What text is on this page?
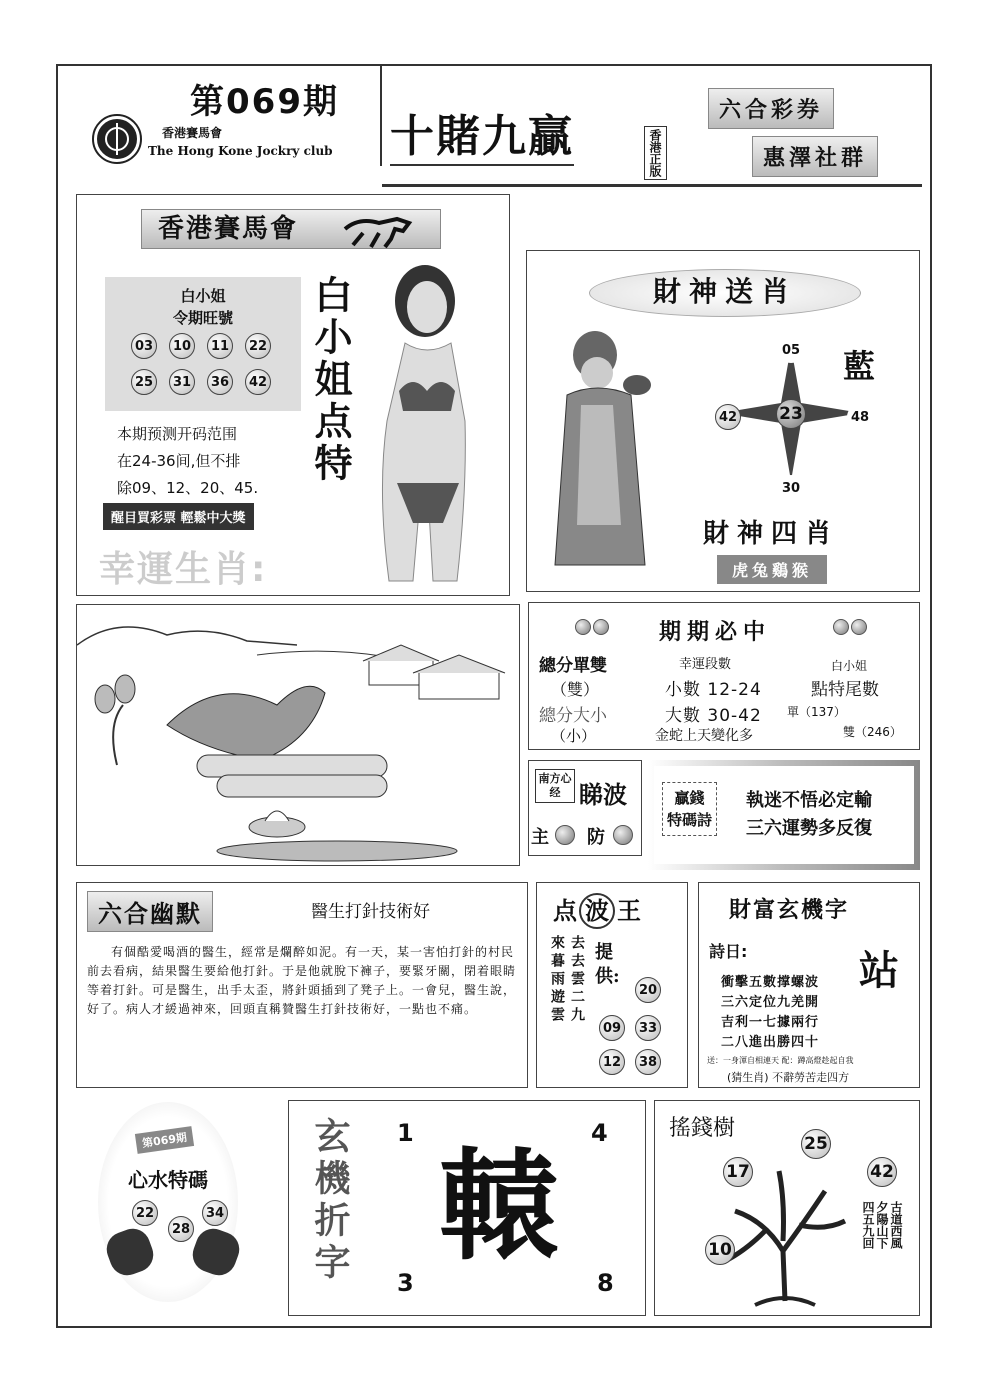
第069期
香港賽馬會
The Hong Kone Jockry club 十賭九贏	香港正版
六合彩券
惠澤社群
香港賽馬會
白小姐
令期旺號
03	10	11	22
25	31	36	42 白小姐点特
本期预测开码范围
在24-36间,但不排
除09、12、20、45.
醒目買彩票 輕鬆中大獎
幸運生肖:
財神送肖
05
23
42	48
30
藍
財神四肖
虎兔鷄猴
期期必中
總分單雙	幸運段數	白小姐
（雙）	小數 12-24	點特尾數
總分大小	大數 30-42 單（137）
（小）	金蛇上天變化多	雙（246）
南方心经 睇波
主 防
贏錢
特碼詩
執迷不悟必定輸
三六運勢多反復
六合幽默	醫生打針技術好
有個酷愛喝酒的醫生，經常是爛醉如泥。有一天，某一害怕打針的村民前去看病，結果醫生要給他打針。于是他就脫下褲子，要緊牙關，閉着眼睛等着打針。可是醫生，出手太歪，將針頭插到了凳子上。一會兒，醫生說，好了。病人才緩過神來，回頭直稱贊醫生打針技術好，一點也不痛。
点 波 王
來暮雨遊雲 去去雲二九 提供:
20
09	33
12	38
財富玄機字
詩日:	站
衝擊五數撑螺波
三六定位九羌開
吉利一七據兩行
二八進出勝四十
送：一身渾自相連天 配：蹲高燈趁起自我
(猜生肖) 不辭勞苦走四方
第069期
心水特碼
22
28
34 玄機折字 1	4
3	8
轅
搖錢樹
25
17	42
10
古道西風
夕陽山下
四五九回
